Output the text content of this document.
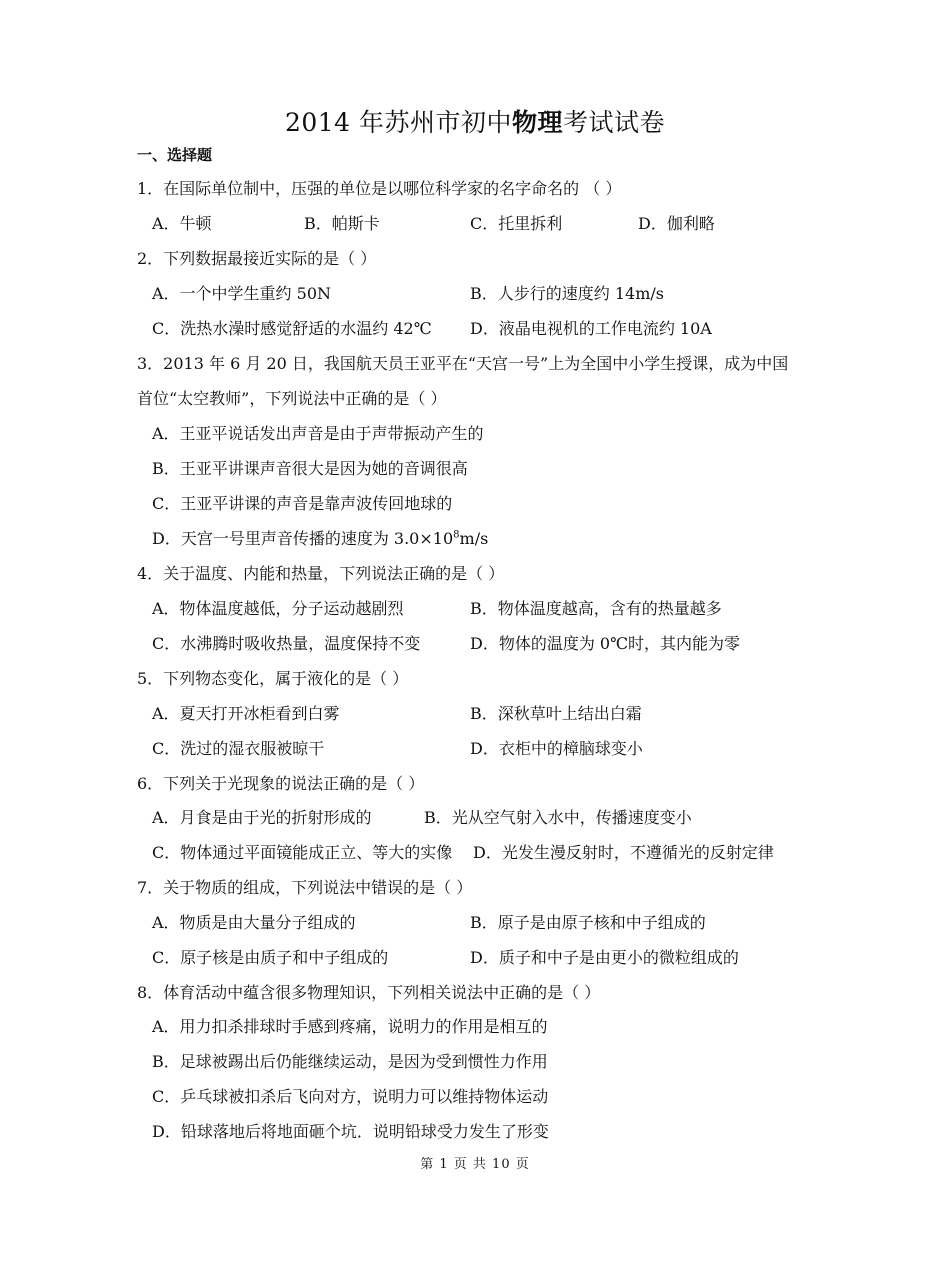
2014 年苏州市初中物理考试试卷
一、选择题
1．在国际单位制中，压强的单位是以哪位科学家的名字命名的 （ ）
A．牛顿	B．帕斯卡	C．托里拆利	D．伽利略
2．下列数据最接近实际的是（ ）
A．一个中学生重约 50N	B．人步行的速度约 14m/s
C．洗热水澡时感觉舒适的水温约 42℃ D．液晶电视机的工作电流约 10A
3．2013 年 6 月 20 日，我国航天员王亚平在“天宫一号”上为全国中小学生授课，成为中国
首位“太空教师”，下列说法中正确的是（ ）
A．王亚平说话发出声音是由于声带振动产生的
B．王亚平讲课声音很大是因为她的音调很高
C．王亚平讲课的声音是靠声波传回地球的
D．天宫一号里声音传播的速度为 $3.0\times 10^8m/s$
4．关于温度、内能和热量，下列说法正确的是（ ）
A．物体温度越低，分子运动越剧烈	B．物体温度越高，含有的热量越多
C．水沸腾时吸收热量，温度保持不变	D．物体的温度为 0℃时，其内能为零
5．下列物态变化，属于液化的是（ ）
A．夏天打开冰柜看到白雾	B．深秋草叶上结出白霜
C．洗过的湿衣服被晾干	D．衣柜中的樟脑球变小
6．下列关于光现象的说法正确的是（ ）
A．月食是由于光的折射形成的	B．光从空气射入水中，传播速度变小
C．物体通过平面镜能成正立、等大的实像 D．光发生漫反射时，不遵循光的反射定律
7．关于物质的组成，下列说法中错误的是（ ）
A．物质是由大量分子组成的	B．原子是由原子核和中子组成的
C．原子核是由质子和中子组成的	D．质子和中子是由更小的微粒组成的
8．体育活动中蕴含很多物理知识，下列相关说法中正确的是（ ）
A．用力扣杀排球时手感到疼痛，说明力的作用是相互的
B．足球被踢出后仍能继续运动，是因为受到惯性力作用
C．乒乓球被扣杀后飞向对方，说明力可以维持物体运动
D．铅球落地后将地面砸个坑．说明铅球受力发生了形变
第 1 页 共 10 页
